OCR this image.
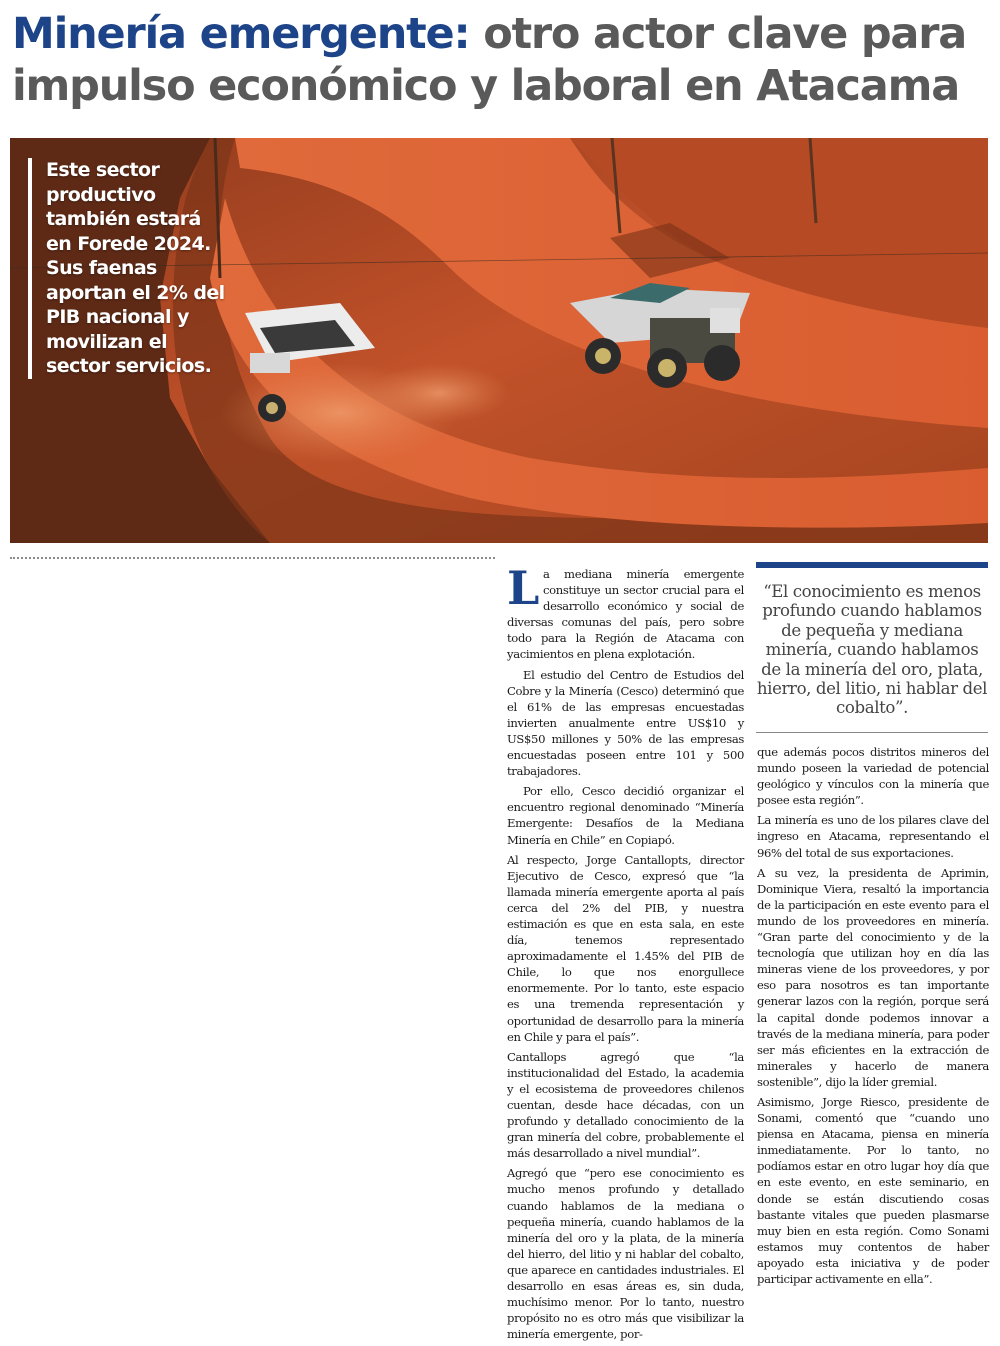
Minería emergente: otro actor clave para impulso económico y laboral en Atacama
Este sector productivo también estará en Forede 2024. Sus faenas aportan el 2% del PIB nacional y movilizan el sector servicios.

La mediana minería emergente constituye un sector crucial para el desarrollo económico y social de diversas comunas del país, pero sobre todo para la Región de Atacama con yacimientos en plena explotación.

El estudio del Centro de Estudios del Cobre y la Minería (Cesco) determinó que el 61% de las empresas encuestadas invierten anualmente entre US$10 y US$50 millones y 50% de las empresas encuestadas poseen entre 101 y 500 trabajadores.

Por ello, Cesco decidió organizar el encuentro regional denominado “Minería Emergente: Desafíos de la Mediana Minería en Chile” en Copiapó.

Al respecto, Jorge Cantallopts, director Ejecutivo de Cesco, expresó que “la llamada minería emergente aporta al país cerca del 2% del PIB, y nuestra estimación es que en esta sala, en este día, tenemos representado aproximadamente el 1.45% del PIB de Chile, lo que nos enorgullece enormemente. Por lo tanto, este espacio es una tremenda representación y oportunidad de desarrollo para la minería en Chile y para el país”.

Cantallops agregó que “la institucionalidad del Estado, la academia y el ecosistema de proveedores chilenos cuentan, desde hace décadas, con un profundo y detallado conocimiento de la gran minería del cobre, probablemente el más desarrollado a nivel mundial”.

Agregó que “pero ese conocimiento es mucho menos profundo y detallado cuando hablamos de la mediana o pequeña minería, cuando hablamos de la minería del oro y la plata, de la minería del hierro, del litio y ni hablar del cobalto, que aparece en cantidades industriales. El desarrollo en esas áreas es, sin duda, muchísimo menor. Por lo tanto, nuestro propósito no es otro más que visibilizar la minería emergente, por-

“El conocimiento es menos profundo cuando hablamos de pequeña y mediana minería, cuando hablamos de la minería del oro, plata, hierro, del litio, ni hablar del cobalto”.

que además pocos distritos mineros del mundo poseen la variedad de potencial geológico y vínculos con la minería que posee esta región”.

La minería es uno de los pilares clave del ingreso en Atacama, representando el 96% del total de sus exportaciones.

A su vez, la presidenta de Aprimin, Dominique Viera, resaltó la importancia de la participación en este evento para el mundo de los proveedores en minería. “Gran parte del conocimiento y de la tecnología que utilizan hoy en día las mineras viene de los proveedores, y por eso para nosotros es tan importante generar lazos con la región, porque será la capital donde podemos innovar a través de la mediana minería, para poder ser más eficientes en la extracción de minerales y hacerlo de manera sostenible”, dijo la líder gremial.

Asimismo, Jorge Riesco, presidente de Sonami, comentó que “cuando uno piensa en Atacama, piensa en minería inmediatamente. Por lo tanto, no podíamos estar en otro lugar hoy día que en este evento, en este seminario, en donde se están discutiendo cosas bastante vitales que pueden plasmarse muy bien en esta región. Como Sonami estamos muy contentos de haber apoyado esta iniciativa y de poder participar activamente en ella”.
